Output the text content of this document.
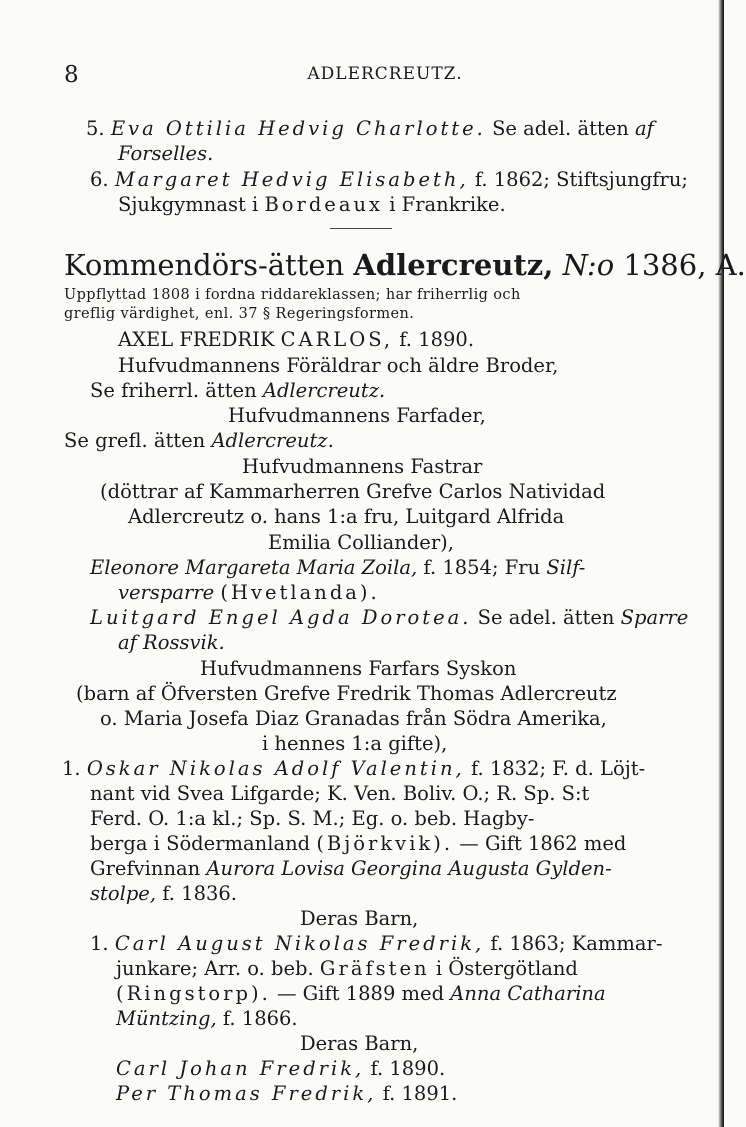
8	ADLERCREUTZ.
5. Eva Ottilia Hedvig Charlotte. Se adel. ätten af
Forselles.
6. Margaret Hedvig Elisabeth, f. 1862; Stiftsjungfru;
Sjukgymnast i Bordeaux i Frankrike.
Kommendörs-ätten Adlercreutz, N:o 1386, A.
Uppflyttad 1808 i fordna riddareklassen; har friherrlig och
greflig värdighet, enl. 37 § Regeringsformen.
AXEL FREDRIK CARLOS, f. 1890.
Hufvudmannens Föräldrar och äldre Broder,
Se friherrl. ätten Adlercreutz.
Hufvudmannens Farfader,
Se grefl. ätten Adlercreutz.
Hufvudmannens Fastrar
(döttrar af Kammarherren Grefve Carlos Natividad
Adlercreutz o. hans 1:a fru, Luitgard Alfrida
Emilia Colliander),
Eleonore Margareta Maria Zoila, f. 1854; Fru Silf-
versparre (Hvetlanda).
Luitgard Engel Agda Dorotea. Se adel. ätten Sparre
af Rossvik.
Hufvudmannens Farfars Syskon
(barn af Öfversten Grefve Fredrik Thomas Adlercreutz
o. Maria Josefa Diaz Granadas från Södra Amerika,
i hennes 1:a gifte),
1. Oskar Nikolas Adolf Valentin, f. 1832; F. d. Löjt-
nant vid Svea Lifgarde; K. Ven. Boliv. O.; R. Sp. S:t
Ferd. O. 1:a kl.; Sp. S. M.; Eg. o. beb. Hagby-
berga i Södermanland (Björkvik). — Gift 1862 med
Grefvinnan Aurora Lovisa Georgina Augusta Gylden-
stolpe, f. 1836.
Deras Barn,
1. Carl August Nikolas Fredrik, f. 1863; Kammar-
junkare; Arr. o. beb. Gräfsten i Östergötland
(Ringstorp). — Gift 1889 med Anna Catharina
Müntzing, f. 1866.
Deras Barn,
Carl Johan Fredrik, f. 1890.
Per Thomas Fredrik, f. 1891.
